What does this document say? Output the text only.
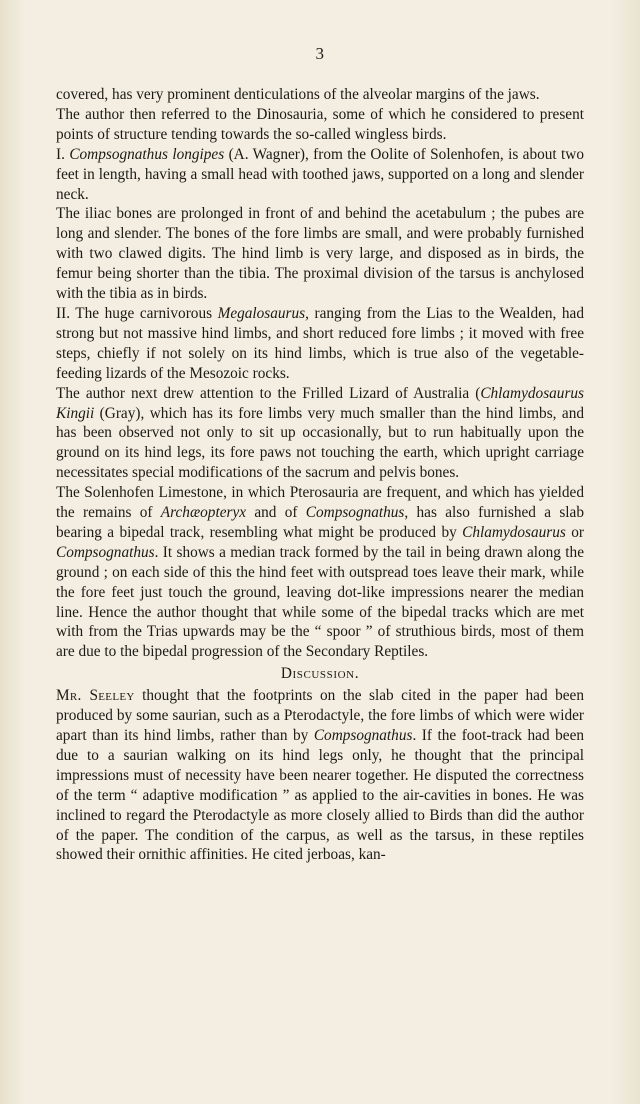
3

covered, has very prominent denticulations of the alveolar margins of the jaws.

The author then referred to the Dinosauria, some of which he considered to present points of structure tending towards the so-called wingless birds.

I. Compsognathus longipes (A. Wagner), from the Oolite of Solenhofen, is about two feet in length, having a small head with toothed jaws, supported on a long and slender neck.

The iliac bones are prolonged in front of and behind the acetabulum ; the pubes are long and slender. The bones of the fore limbs are small, and were probably furnished with two clawed digits. The hind limb is very large, and disposed as in birds, the femur being shorter than the tibia. The proximal division of the tarsus is anchylosed with the tibia as in birds.

II. The huge carnivorous Megalosaurus, ranging from the Lias to the Wealden, had strong but not massive hind limbs, and short reduced fore limbs ; it moved with free steps, chiefly if not solely on its hind limbs, which is true also of the vegetable-feeding lizards of the Mesozoic rocks.

The author next drew attention to the Frilled Lizard of Australia (Chlamydosaurus Kingii (Gray), which has its fore limbs very much smaller than the hind limbs, and has been observed not only to sit up occasionally, but to run habitually upon the ground on its hind legs, its fore paws not touching the earth, which upright carriage necessitates special modifications of the sacrum and pelvis bones.

The Solenhofen Limestone, in which Pterosauria are frequent, and which has yielded the remains of Archæopteryx and of Compsognathus, has also furnished a slab bearing a bipedal track, resembling what might be produced by Chlamydosaurus or Compsognathus. It shows a median track formed by the tail in being drawn along the ground ; on each side of this the hind feet with outspread toes leave their mark, while the fore feet just touch the ground, leaving dot-like impressions nearer the median line. Hence the author thought that while some of the bipedal tracks which are met with from the Trias upwards may be the “ spoor ” of struthious birds, most of them are due to the bipedal progression of the Secondary Reptiles.

Discussion.

Mr. Seeley thought that the footprints on the slab cited in the paper had been produced by some saurian, such as a Pterodactyle, the fore limbs of which were wider apart than its hind limbs, rather than by Compsognathus. If the foot-track had been due to a saurian walking on its hind legs only, he thought that the principal impressions must of necessity have been nearer together. He disputed the correctness of the term “ adaptive modification ” as applied to the air-cavities in bones. He was inclined to regard the Pterodactyle as more closely allied to Birds than did the author of the paper. The condition of the carpus, as well as the tarsus, in these reptiles showed their ornithic affinities. He cited jerboas, kan-
